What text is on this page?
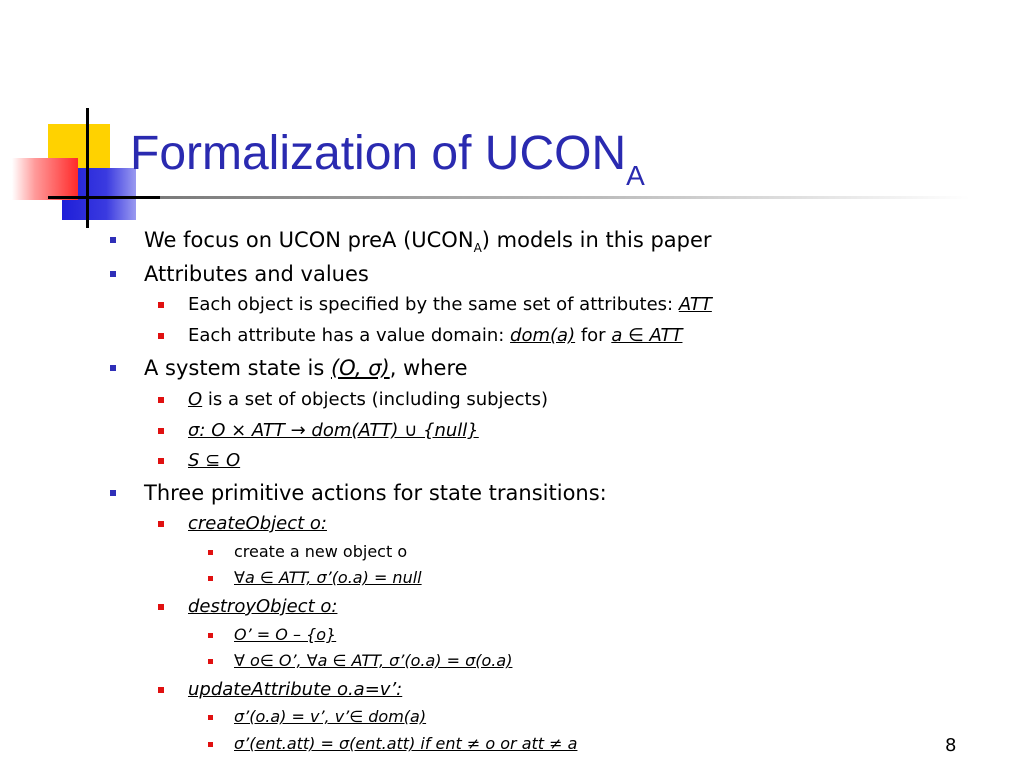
Formalization of $UCON_A$
We focus on UCON preA $(UCON_A)$ models in this paper
Attributes and values
Each object is specified by the same set of attributes: ATT
Each attribute has a value domain: dom(a) for a ∈ ATT
A system state is (O, σ), where
O is a set of objects (including subjects)
σ: O × ATT → dom(ATT) ∪ {null}
S ⊆ O
Three primitive actions for state transitions:
createObject o:
create a new object o
∀a ∈ ATT, σ’(o.a) = null
destroyObject o:
O’ = O – {o}
∀ o∈ O’, ∀a ∈ ATT, σ’(o.a) = σ(o.a)
updateAttribute o.a=v’:
σ’(o.a) = v’, v’∈ dom(a)
σ’(ent.att) = σ(ent.att) if ent ≠ o or att ≠ a	8
